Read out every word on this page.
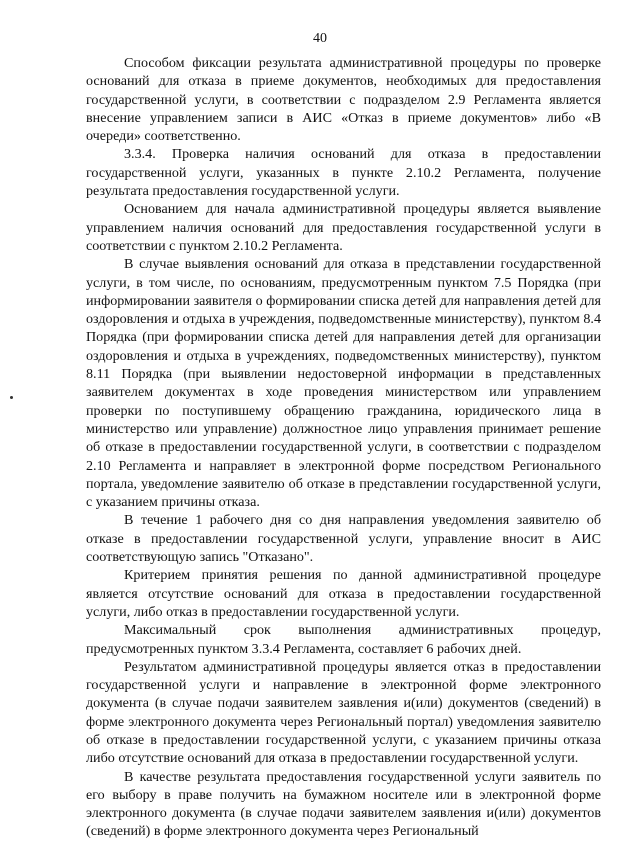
40

Способом фиксации результата административной процедуры по проверке оснований для отказа в приеме документов, необходимых для предоставления государственной услуги, в соответствии с подразделом 2.9 Регламента является внесение управлением записи в АИС «Отказ в приеме документов» либо «В очереди» соответственно.

3.3.4. Проверка наличия оснований для отказа в предоставлении государственной услуги, указанных в пункте 2.10.2 Регламента, получение результата предоставления государственной услуги.

Основанием для начала административной процедуры является выявление управлением наличия оснований для предоставления государственной услуги в соответствии с пунктом 2.10.2 Регламента.

В случае выявления оснований для отказа в представлении государственной услуги, в том числе, по основаниям, предусмотренным пунктом 7.5 Порядка (при информировании заявителя о формировании списка детей для направления детей для оздоровления и отдыха в учреждения, подведомственные министерству), пунктом 8.4 Порядка (при формировании списка детей для направления детей для организации оздоровления и отдыха в учреждениях, подведомственных министерству), пунктом 8.11 Порядка (при выявлении недостоверной информации в представленных заявителем документах в ходе проведения министерством или управлением проверки по поступившему обращению гражданина, юридического лица в министерство или управление) должностное лицо управления принимает решение об отказе в предоставлении государственной услуги, в соответствии с подразделом 2.10 Регламента и направляет в электронной форме посредством Регионального портала, уведомление заявителю об отказе в представлении государственной услуги, с указанием причины отказа.

В течение 1 рабочего дня со дня направления уведомления заявителю об отказе в предоставлении государственной услуги, управление вносит в АИС соответствующую запись "Отказано".

Критерием принятия решения по данной административной процедуре является отсутствие оснований для отказа в предоставлении государственной услуги, либо отказ в предоставлении государственной услуги.

Максимальный срок выполнения административных процедур, предусмотренных пунктом 3.3.4 Регламента, составляет 6 рабочих дней.

Результатом административной процедуры является отказ в предоставлении государственной услуги и направление в электронной форме электронного документа (в случае подачи заявителем заявления и(или) документов (сведений) в форме электронного документа через Региональный портал) уведомления заявителю об отказе в предоставлении государственной услуги, с указанием причины отказа либо отсутствие оснований для отказа в предоставлении государственной услуги.

В качестве результата предоставления государственной услуги заявитель по его выбору в праве получить на бумажном носителе или в электронной форме электронного документа (в случае подачи заявителем заявления и(или) документов (сведений) в форме электронного документа через Региональный
